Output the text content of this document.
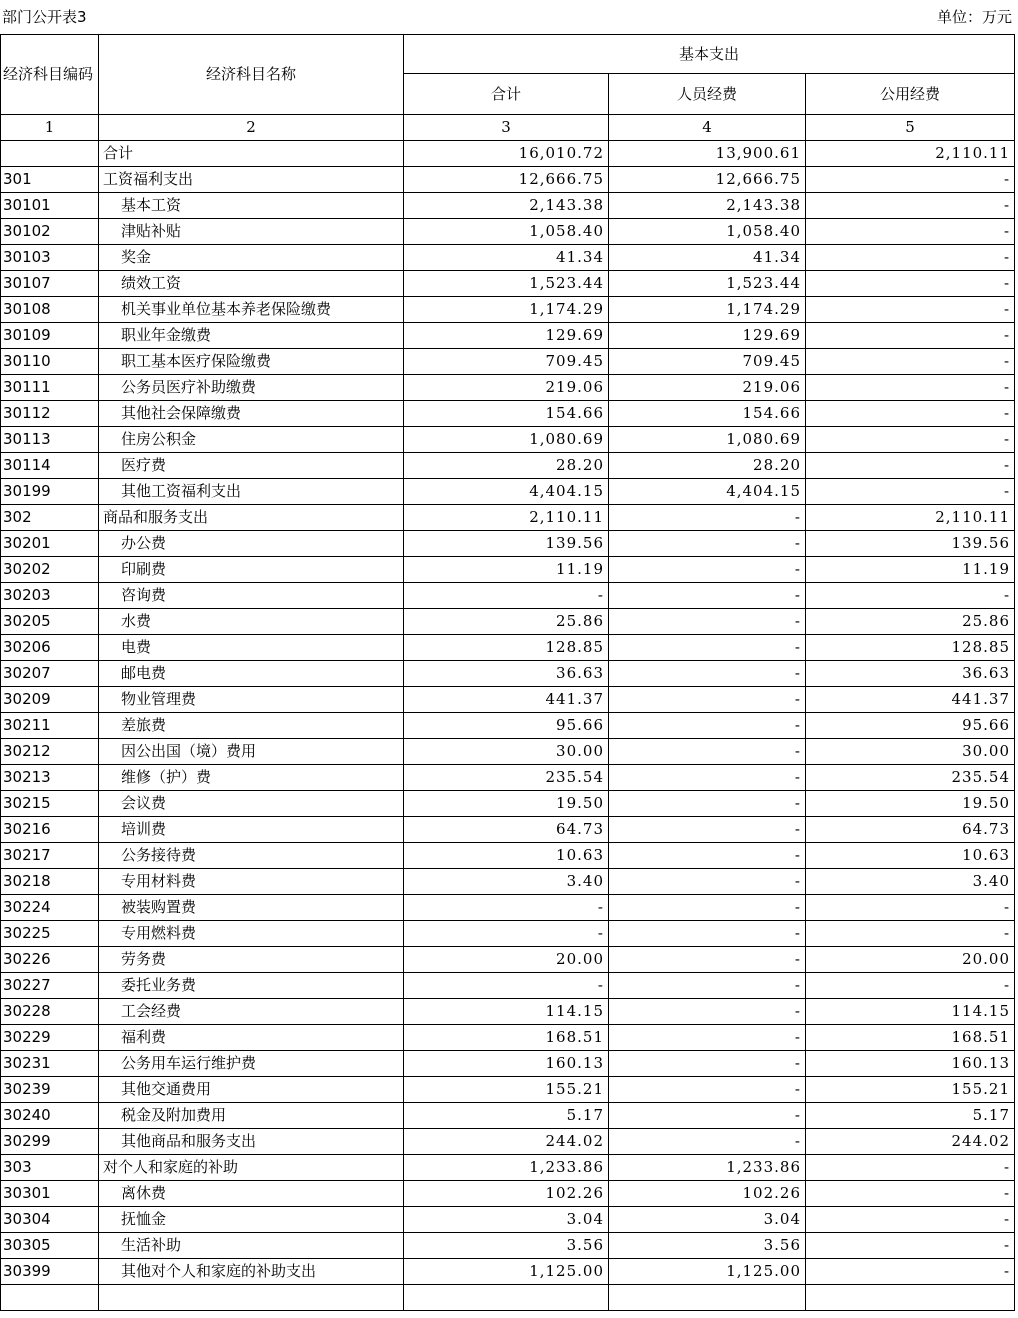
部门公开表3	单位：万元
经济科目编码	经济科目名称	基本支出		
		合计	人员经费	公用经费
1	2	3	4	5
	合计	16,010.72	13,900.61	2,110.11
301	工资福利支出	12,666.75	12,666.75	-
30101	基本工资	2,143.38	2,143.38	-
30102	津贴补贴	1,058.40	1,058.40	-
30103	奖金	41.34	41.34	-
30107	绩效工资	1,523.44	1,523.44	-
30108	机关事业单位基本养老保险缴费	1,174.29	1,174.29	-
30109	职业年金缴费	129.69	129.69	-
30110	职工基本医疗保险缴费	709.45	709.45	-
30111	公务员医疗补助缴费	219.06	219.06	-
30112	其他社会保障缴费	154.66	154.66	-
30113	住房公积金	1,080.69	1,080.69	-
30114	医疗费	28.20	28.20	-
30199	其他工资福利支出	4,404.15	4,404.15	-
302	商品和服务支出	2,110.11	-	2,110.11
30201	办公费	139.56	-	139.56
30202	印刷费	11.19	-	11.19
30203	咨询费	-	-	-
30205	水费	25.86	-	25.86
30206	电费	128.85	-	128.85
30207	邮电费	36.63	-	36.63
30209	物业管理费	441.37	-	441.37
30211	差旅费	95.66	-	95.66
30212	因公出国（境）费用	30.00	-	30.00
30213	维修（护）费	235.54	-	235.54
30215	会议费	19.50	-	19.50
30216	培训费	64.73	-	64.73
30217	公务接待费	10.63	-	10.63
30218	专用材料费	3.40	-	3.40
30224	被装购置费	-	-	-
30225	专用燃料费	-	-	-
30226	劳务费	20.00	-	20.00
30227	委托业务费	-	-	-
30228	工会经费	114.15	-	114.15
30229	福利费	168.51	-	168.51
30231	公务用车运行维护费	160.13	-	160.13
30239	其他交通费用	155.21	-	155.21
30240	税金及附加费用	5.17	-	5.17
30299	其他商品和服务支出	244.02	-	244.02
303	对个人和家庭的补助	1,233.86	1,233.86	-
30301	离休费	102.26	102.26	-
30304	抚恤金	3.04	3.04	-
30305	生活补助	3.56	3.56	-
30399	其他对个人和家庭的补助支出	1,125.00	1,125.00	-
